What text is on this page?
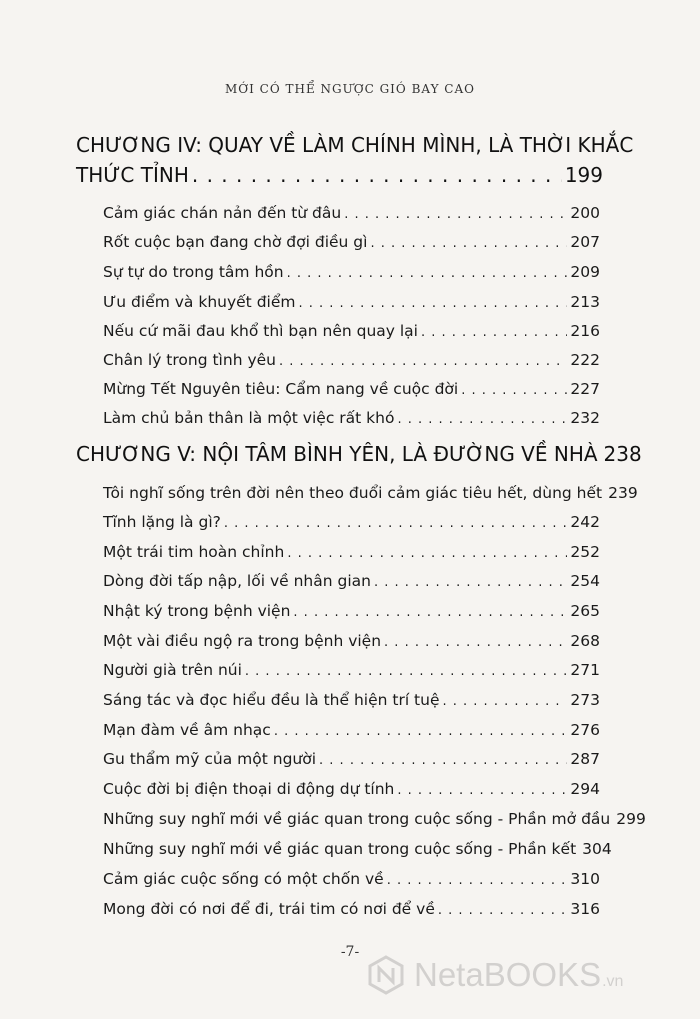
MỚI CÓ THỂ NGƯỢC GIÓ BAY CAO
CHƯƠNG IV: QUAY VỀ LÀM CHÍNH MÌNH, LÀ THỜI KHẮC
THỨC TỈNH . . .	199
Cảm giác chán nản đến từ đâu . . .	200
Rốt cuộc bạn đang chờ đợi điều gì . . .	207
Sự tự do trong tâm hồn . . .	209
Ưu điểm và khuyết điểm . . .	213
Nếu cứ mãi đau khổ thì bạn nên quay lại . . .	216
Chân lý trong tình yêu . . .	222
Mừng Tết Nguyên tiêu: Cẩm nang về cuộc đời . . .	227
Làm chủ bản thân là một việc rất khó . . .	232
CHƯƠNG V: NỘI TÂM BÌNH YÊN, LÀ ĐƯỜNG VỀ NHÀ 238
Tôi nghĩ sống trên đời nên theo đuổi cảm giác tiêu hết, dùng hết 239
Tĩnh lặng là gì? . . .	242
Một trái tim hoàn chỉnh . . .	252
Dòng đời tấp nập, lối về nhân gian . . .	254
Nhật ký trong bệnh viện . . .	265
Một vài điều ngộ ra trong bệnh viện . . .	268
Người già trên núi . . .	271
Sáng tác và đọc hiểu đều là thể hiện trí tuệ . . .	273
Mạn đàm về âm nhạc . . .	276
Gu thẩm mỹ của một người . . .	287
Cuộc đời bị điện thoại di động dự tính . . .	294
Những suy nghĩ mới về giác quan trong cuộc sống - Phần mở đầu 299
Những suy nghĩ mới về giác quan trong cuộc sống - Phần kết 304
Cảm giác cuộc sống có một chốn về . . .	310
Mong đời có nơi để đi, trái tim có nơi để về . . .	316
-7-
NetaBOOKS .vn
